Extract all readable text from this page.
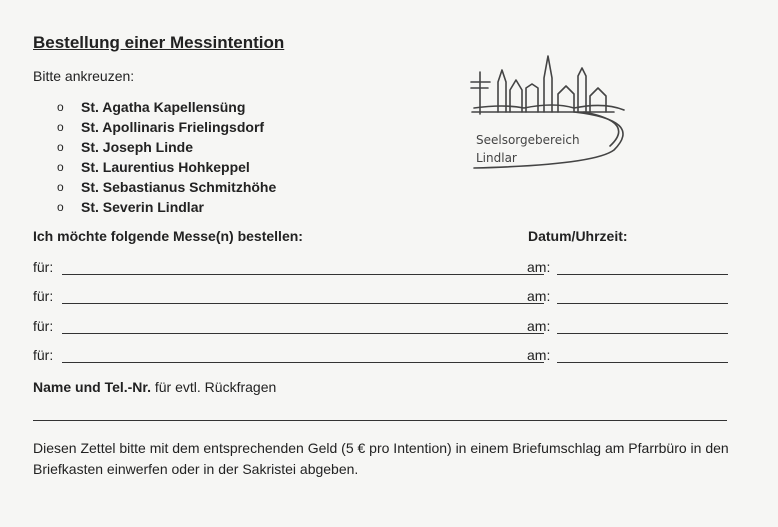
Bestellung einer Messintention
Bitte ankreuzen:
o	St. Agatha Kapellensüng
o	St. Apollinaris Frielingsdorf
o	St. Joseph Linde
o	St. Laurentius Hohkeppel
o	St. Sebastianus Schmitzhöhe
o	St. Severin Lindlar
Seelsorgebereich
Lindlar
Ich möchte folgende Messe(n) bestellen:	Datum/Uhrzeit:
für:	am:
für:	am:
für:	am:
für:	am:
Name und Tel.-Nr. für evtl. Rückfragen
Diesen Zettel bitte mit dem entsprechenden Geld (5 € pro Intention) in einem Briefumschlag am Pfarrbüro in den Briefkasten einwerfen oder in der Sakristei abgeben.
